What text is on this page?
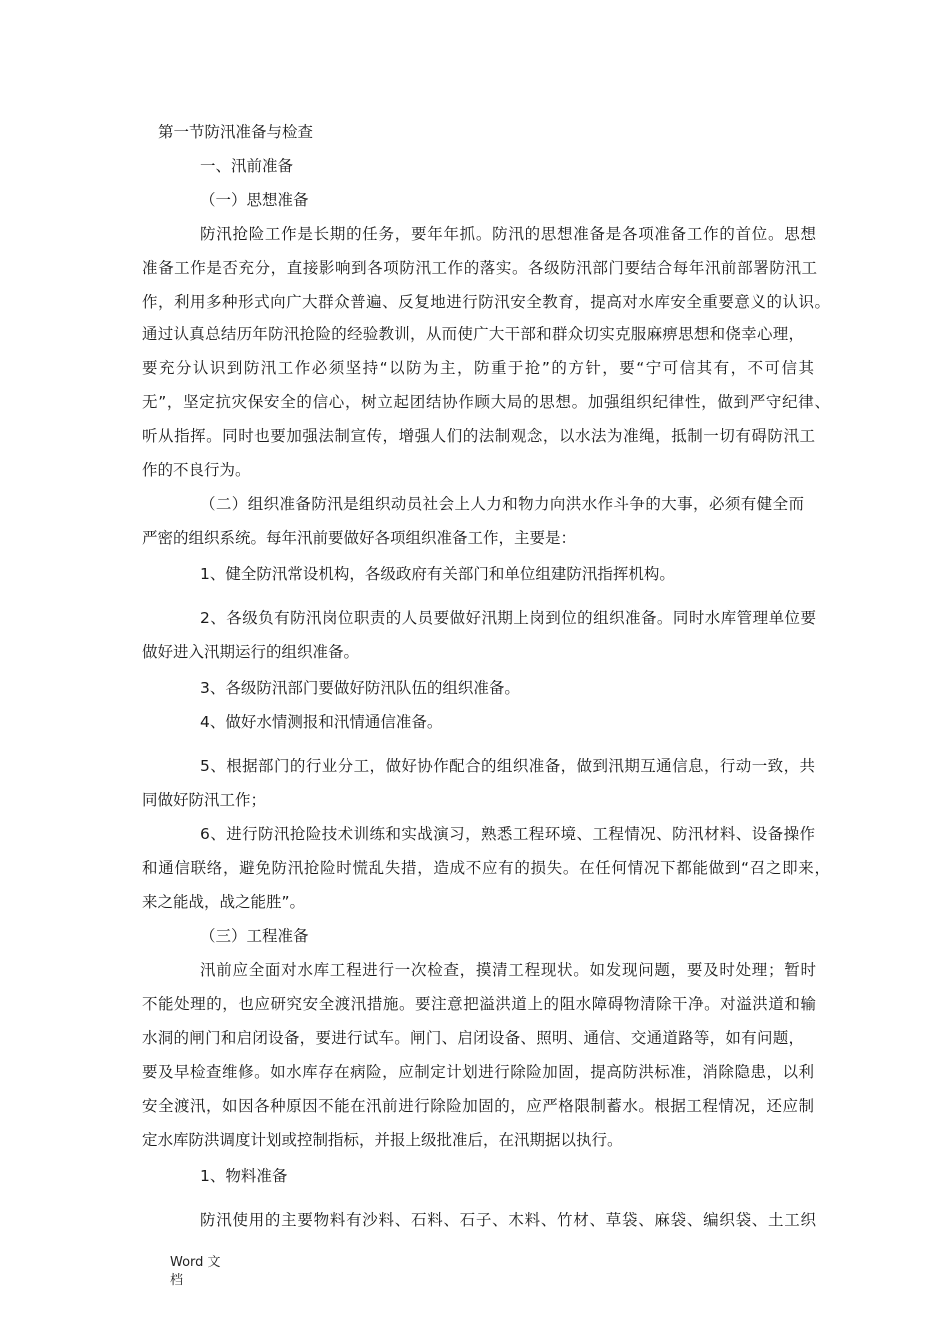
第一节防汛准备与检查
一、汛前准备
（一）思想准备
防汛抢险工作是长期的任务，要年年抓。防汛的思想准备是各项准备工作的首位。思想
准备工作是否充分，直接影响到各项防汛工作的落实。各级防汛部门要结合每年汛前部署防汛工
作，利用多种形式向广大群众普遍、反复地进行防汛安全教育，提高对水库安全重要意义的认识。
通过认真总结历年防汛抢险的经验教训，从而使广大干部和群众切实克服麻痹思想和侥幸心理，
要充分认识到防汛工作必须坚持“以防为主，防重于抢”的方针，要“宁可信其有，不可信其
无”，坚定抗灾保安全的信心，树立起团结协作顾大局的思想。加强组织纪律性，做到严守纪律、
听从指挥。同时也要加强法制宣传，增强人们的法制观念，以水法为准绳，抵制一切有碍防汛工
作的不良行为。
（二）组织准备防汛是组织动员社会上人力和物力向洪水作斗争的大事，必须有健全而
严密的组织系统。每年汛前要做好各项组织准备工作，主要是：
1、健全防汛常设机构，各级政府有关部门和单位组建防汛指挥机构。
2、各级负有防汛岗位职责的人员要做好汛期上岗到位的组织准备。同时水库管理单位要
做好进入汛期运行的组织准备。
3、各级防汛部门要做好防汛队伍的组织准备。
4、做好水情测报和汛情通信准备。
5、根据部门的行业分工，做好协作配合的组织准备，做到汛期互通信息，行动一致，共
同做好防汛工作；
6、进行防汛抢险技术训练和实战演习，熟悉工程环境、工程情况、防汛材料、设备操作
和通信联络，避免防汛抢险时慌乱失措，造成不应有的损失。在任何情况下都能做到“召之即来，
来之能战，战之能胜”。
（三）工程准备
汛前应全面对水库工程进行一次检查，摸清工程现状。如发现问题，要及时处理；暂时
不能处理的，也应研究安全渡汛措施。要注意把溢洪道上的阻水障碍物清除干净。对溢洪道和输
水洞的闸门和启闭设备，要进行试车。闸门、启闭设备、照明、通信、交通道路等，如有问题，
要及早检查维修。如水库存在病险，应制定计划进行除险加固，提高防洪标准，消除隐患，以利
安全渡汛，如因各种原因不能在汛前进行除险加固的，应严格限制蓄水。根据工程情况，还应制
定水库防洪调度计划或控制指标，并报上级批准后，在汛期据以执行。
1、物料准备
防汛使用的主要物料有沙料、石料、石子、木料、竹材、草袋、麻袋、编织袋、土工织
Word 文
档
